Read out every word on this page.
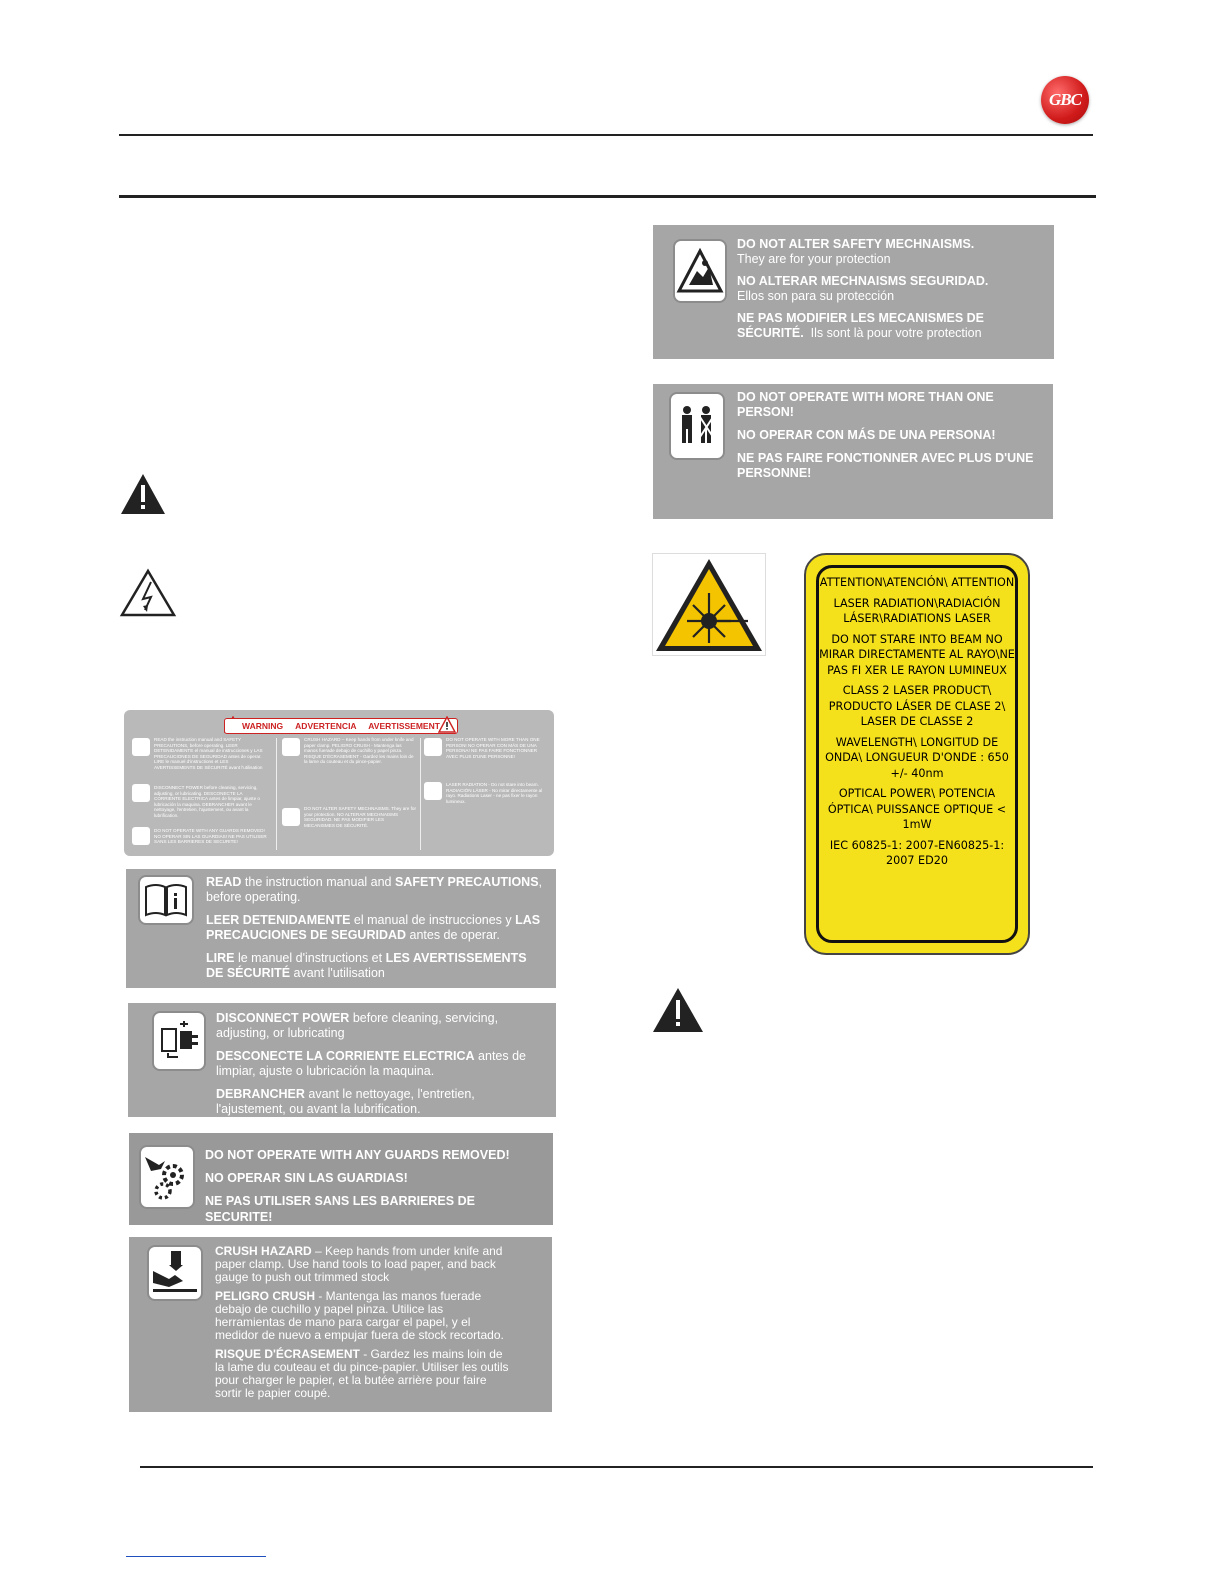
GBC
WARNING ADVERTENCIA AVERTISSEMENT
READ the instruction manual and SAFETY PRECAUTIONS, before operating. LEER DETENIDAMENTE el manual de instrucciones y LAS PRECAUCIONES DE SEGURIDAD antes de operar. LIRE le manuel d'instructions et LES AVERTISSEMENTS DE SÉCURITÉ avant l'utilisation
DISCONNECT POWER before cleaning, servicing, adjusting, or lubricating. DESCONECTE LA CORRIENTE ELECTRICA antes de limpiar, ajuste o lubricación la maquina. DEBRANCHER avant le nettoyage, l'entretien, l'ajustement, ou avant la lubrification.
DO NOT OPERATE WITH ANY GUARDS REMOVED! NO OPERAR SIN LAS GUARDIAS! NE PAS UTILISER SANS LES BARRIERES DE SECURITE!
CRUSH HAZARD – Keep hands from under knife and paper clamp. PELIGRO CRUSH - Mantenga las manos fuerade debajo de cuchillo y papel pinza. RISQUE D'ÉCRASEMENT - Gardez les mains loin de la lame du couteau et du pince-papier.
DO NOT ALTER SAFETY MECHNAISMS. They are for your protection. NO ALTERAR MECHNAISMS SEGURIDAD. NE PAS MODIFIER LES MECANISMES DE SÉCURITÉ.
DO NOT OPERATE WITH MORE THAN ONE PERSON! NO OPERAR CON MÁS DE UNA PERSONA! NE PAS FAIRE FONCTIONNER AVEC PLUS D'UNE PERSONNE!
LASER RADIATION - Do not stare into beam. RADIACIÓN LÁSER - No mirar directamente al rayo. Radiations Laser - ne pas fixer le rayon lumineux.

READ the instruction manual and SAFETY PRECAUTIONS, before operating.

LEER DETENIDAMENTE el manual de instrucciones y LAS PRECAUCIONES DE SEGURIDAD antes de operar.

LIRE le manuel d'instructions et LES AVERTISSEMENTS DE SÉCURITÉ avant l'utilisation

DISCONNECT POWER before cleaning, servicing, adjusting, or lubricating

DESCONECTE LA CORRIENTE ELECTRICA antes de limpiar, ajuste o lubricación la maquina.

DEBRANCHER avant le nettoyage, l'entretien, l'ajustement, ou avant la lubrification.

DO NOT OPERATE WITH ANY GUARDS REMOVED!

NO OPERAR SIN LAS GUARDIAS!

NE PAS UTILISER SANS LES BARRIERES DE SECURITE!

CRUSH HAZARD – Keep hands from under knife and paper clamp. Use hand tools to load paper, and back gauge to push out trimmed stock

PELIGRO CRUSH - Mantenga las manos fuerade debajo de cuchillo y papel pinza. Utilice las herramientas de mano para cargar el papel, y el medidor de nuevo a empujar fuera de stock recortado.

RISQUE D'ÉCRASEMENT - Gardez les mains loin de la lame du couteau et du pince-papier. Utiliser les outils pour charger le papier, et la butée arrière pour faire sortir le papier coupé.

DO NOT ALTER SAFETY MECHNAISMS.
They are for your protection

NO ALTERAR MECHNAISMS SEGURIDAD.
Ellos son para su protección

NE PAS MODIFIER LES MECANISMES DE SÉCURITÉ. Ils sont là pour votre protection

DO NOT OPERATE WITH MORE THAN ONE PERSON!

NO OPERAR CON MÁS DE UNA PERSONA!

NE PAS FAIRE FONCTIONNER AVEC PLUS D'UNE PERSONNE!

ATTENTION\ATENCIÓN\ ATTENTION
LASER RADIATION\RADIACIÓN LÁSER\RADIATIONS LASER
DO NOT STARE INTO BEAM NO MIRAR DIRECTAMENTE AL RAYO\NE PAS FI XER LE RAYON LUMINEUX
CLASS 2 LASER PRODUCT\ PRODUCTO LÁSER DE CLASE 2\ LASER DE CLASSE 2
WAVELENGTH\ LONGITUD DE ONDA\ LONGUEUR D'ONDE : 650 +/- 40nm
OPTICAL POWER\ POTENCIA ÓPTICA\ PUISSANCE OPTIQUE < 1mW
IEC 60825-1: 2007-EN60825-1: 2007 ED20
